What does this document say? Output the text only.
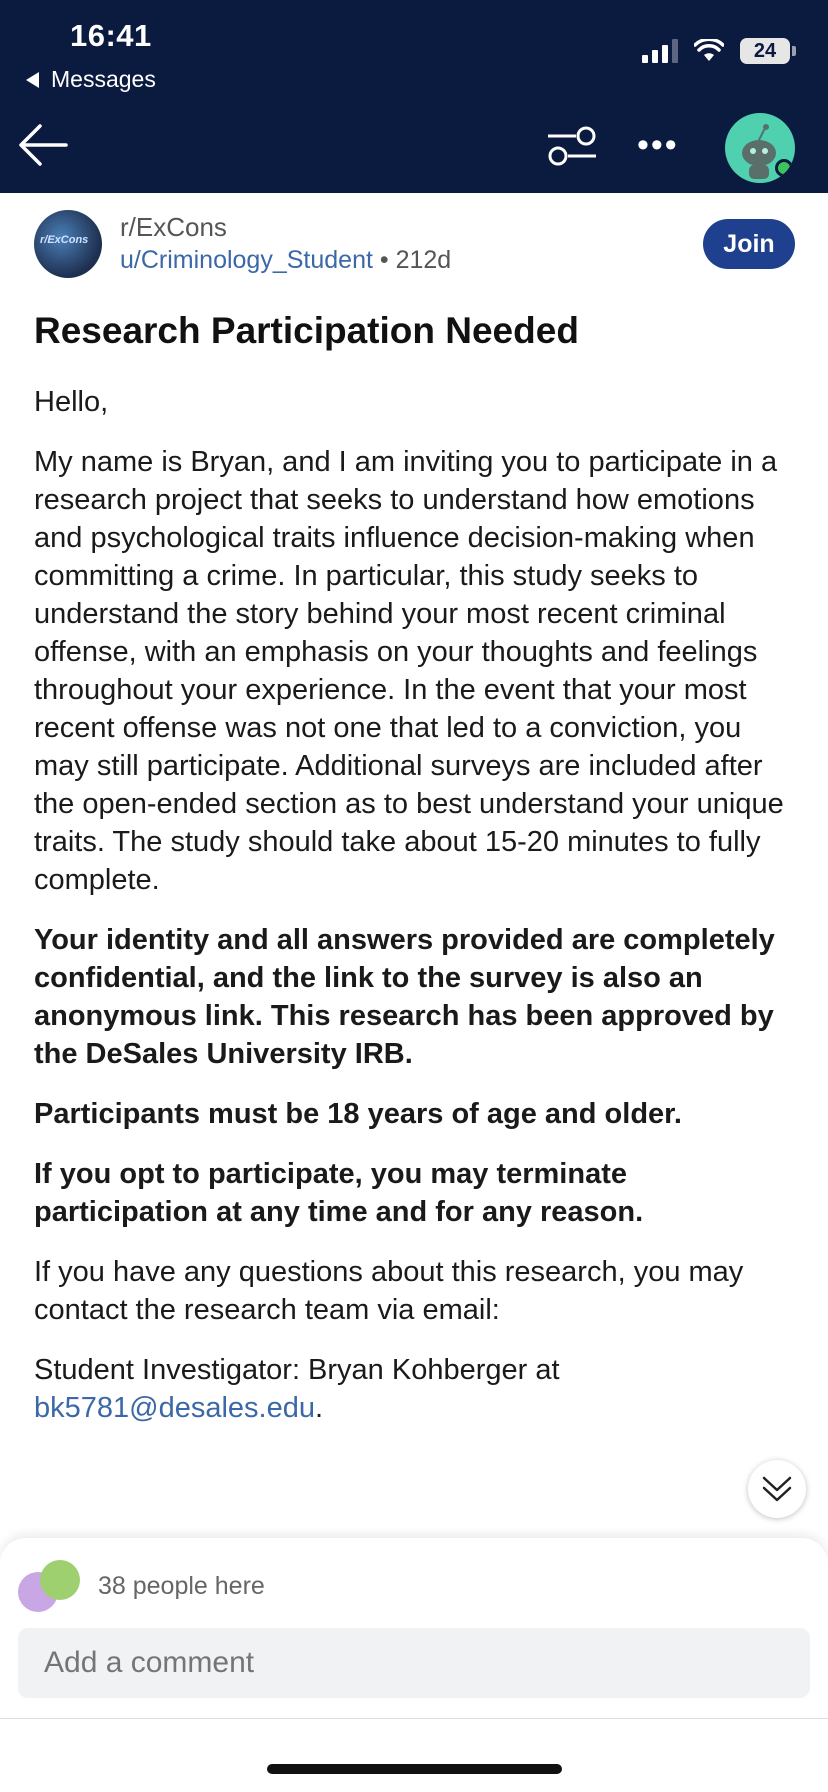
16:41
Messages
24
•••
r/ExCons r/ExCons
u/Criminology_Student • 212d
Join
Research Participation Needed

Hello,

My name is Bryan, and I am inviting you to participate in a research project that seeks to understand how emotions and psychological traits influence decision-making when committing a crime. In particular, this study seeks to understand the story behind your most recent criminal offense, with an emphasis on your thoughts and feelings throughout your experience. In the event that your most recent offense was not one that led to a conviction, you may still participate. Additional surveys are included after the open-ended section as to best understand your unique traits. The study should take about 15-20 minutes to fully complete.

Your identity and all answers provided are completely confidential, and the link to the survey is also an anonymous link. This research has been approved by the DeSales University IRB.

Participants must be 18 years of age and older.

If you opt to participate, you may terminate participation at any time and for any reason.

If you have any questions about this research, you may contact the research team via email:

Student Investigator: Bryan Kohberger at
bk5781@desales.edu.

38 people here
Add a comment
